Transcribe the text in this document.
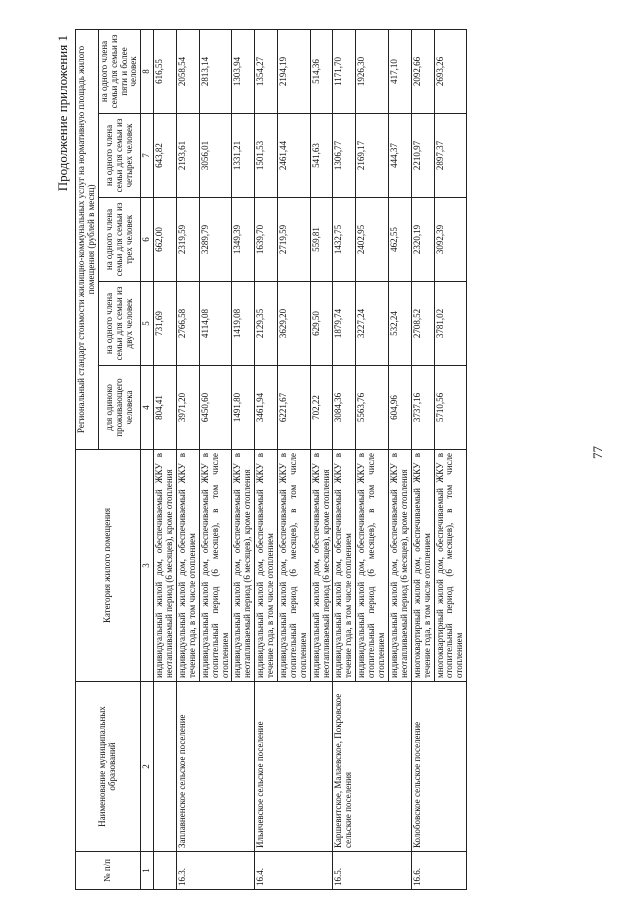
77
Продолжение приложения 1
№ п/п	Наименование муниципальных образований	Категория жилого помещения	Региональный стандарт стоимости жилищно-коммунальных услуг на нормативную площадь жилого помещения (рублей в месяц)				
			для одиноко проживающего человека	на одного члена семьи для семьи из двух человек	на одного члена семьи для семьи из трех человек	на одного члена семьи для семьи из четырех человек	на одного члена семьи для семьи из пяти и более человек
1	2	3	4	5	6	7	8
		индивидуальный жилой дом, обеспечиваемый ЖКУ в неотапливаемый период (6 месяцев), кроме отопления	804,41	731,69	662,00	643,82	616,55
16.3.	Заплавненское сельское поселение	индивидуальный жилой дом, обеспечиваемый ЖКУ в течение года, в том числе отоплением	3971,20	2766,58	2319,59	2193,61	2058,54
		индивидуальный жилой дом, обеспечиваемый ЖКУ в отопительный период (6 месяцев), в том числе отоплением	6450,60	4114,08	3289,79	3056,01	2813,14
		индивидуальный жилой дом, обеспечиваемый ЖКУ в неотапливаемый период (6 месяцев), кроме отопления	1491,80	1419,08	1349,39	1331,21	1303,94
16.4.	Ильичевское сельское поселение	индивидуальный жилой дом, обеспечиваемый ЖКУ в течение года, в том числе отоплением	3461,94	2129,35	1639,70	1501,53	1354,27
		индивидуальный жилой дом, обеспечиваемый ЖКУ в отопительный период (6 месяцев), в том числе отоплением	6221,67	3629,20	2719,59	2461,44	2194,19
		индивидуальный жилой дом, обеспечиваемый ЖКУ в неотапливаемый период (6 месяцев), кроме отопления	702,22	629,50	559,81	541,63	514,36
16.5.	Каршевитское, Малаевское, Покровское сельские поселения	индивидуальный жилой дом, обеспечиваемый ЖКУ в течение года, в том числе отоплением	3084,36	1879,74	1432,75	1306,77	1171,70
		индивидуальный жилой дом, обеспечиваемый ЖКУ в отопительный период (6 месяцев), в том числе отоплением	5563,76	3227,24	2402,95	2169,17	1926,30
		индивидуальный жилой дом, обеспечиваемый ЖКУ в неотапливаемый период (6 месяцев), кроме отопления	604,96	532,24	462,55	444,37	417,10
16.6.	Колобовское сельское поселение	многоквартирный жилой дом, обеспечиваемый ЖКУ в течение года, в том числе отоплением	3737,16	2708,52	2320,19	2210,97	2092,66
		многоквартирный жилой дом, обеспечиваемый ЖКУ в отопительный период (6 месяцев), в том числе отоплением	5710,56	3781,02	3092,39	2897,37	2693,26
